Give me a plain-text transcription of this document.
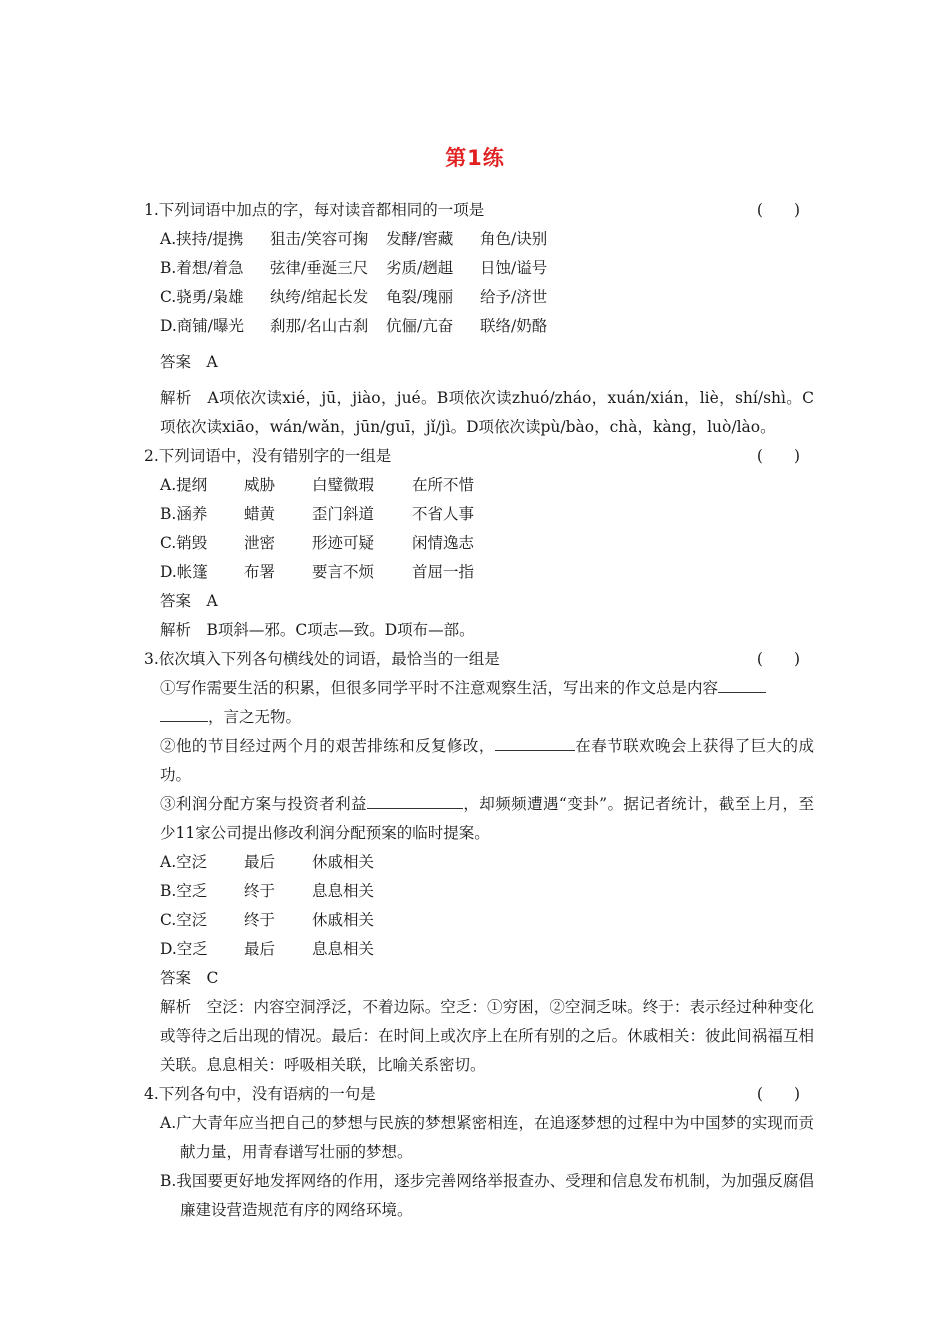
第1练
1.下列词语中加点的字，每对读音都相同的一项是	(　　)
A.挟持/提携 狙击/笑容可掬 发酵/窖藏 角色/诀别
B.着想/着急 弦律/垂涎三尺 劣质/趔趄 日蚀/谥号
C.骁勇/枭雄 纨绔/绾起长发 龟裂/瑰丽 给予/济世
D.商铺/曝光 刹那/名山古刹 伉俪/亢奋 联络/奶酪
答案　A
解析　A项依次读xié，jū，jiào，jué。B项依次读zhuó/zháo，xuán/xián，liè，shí/shì。C项依次读xiāo，wán/wǎn，jūn/guī，jǐ/jì。D项依次读pù/bào，chà，kàng，luò/lào。
2.下列词语中，没有错别字的一组是	(　　)
A.提纲 威胁 白璧微瑕 在所不惜
B.涵养 蜡黄 歪门斜道 不省人事
C.销毁 泄密 形迹可疑 闲情逸志
D.帐篷 布署 要言不烦 首屈一指
答案　A
解析　B项斜—邪。C项志—致。D项布—部。
3.依次填入下列各句横线处的词语，最恰当的一组是	(　　)
①写作需要生活的积累，但很多同学平时不注意观察生活，写出来的作文总是内容
，言之无物。
②他的节目经过两个月的艰苦排练和反复修改，	在春节联欢晚会上获得了巨大的成功。
③利润分配方案与投资者利益	，却频频遭遇“变卦”。据记者统计，截至上月，至少11家公司提出修改利润分配预案的临时提案。
A.空泛 最后 休戚相关
B.空乏 终于 息息相关
C.空泛 终于 休戚相关
D.空乏 最后 息息相关
答案　C
解析　空泛：内容空洞浮泛，不着边际。空乏：①穷困，②空洞乏味。终于：表示经过种种变化或等待之后出现的情况。最后：在时间上或次序上在所有别的之后。休戚相关：彼此间祸福互相关联。息息相关：呼吸相关联，比喻关系密切。
4.下列各句中，没有语病的一句是	(　　)
A.广大青年应当把自己的梦想与民族的梦想紧密相连，在追逐梦想的过程中为中国梦的实现而贡献力量，用青春谱写壮丽的梦想。
B.我国要更好地发挥网络的作用，逐步完善网络举报查办、受理和信息发布机制，为加强反腐倡廉建设营造规范有序的网络环境。
